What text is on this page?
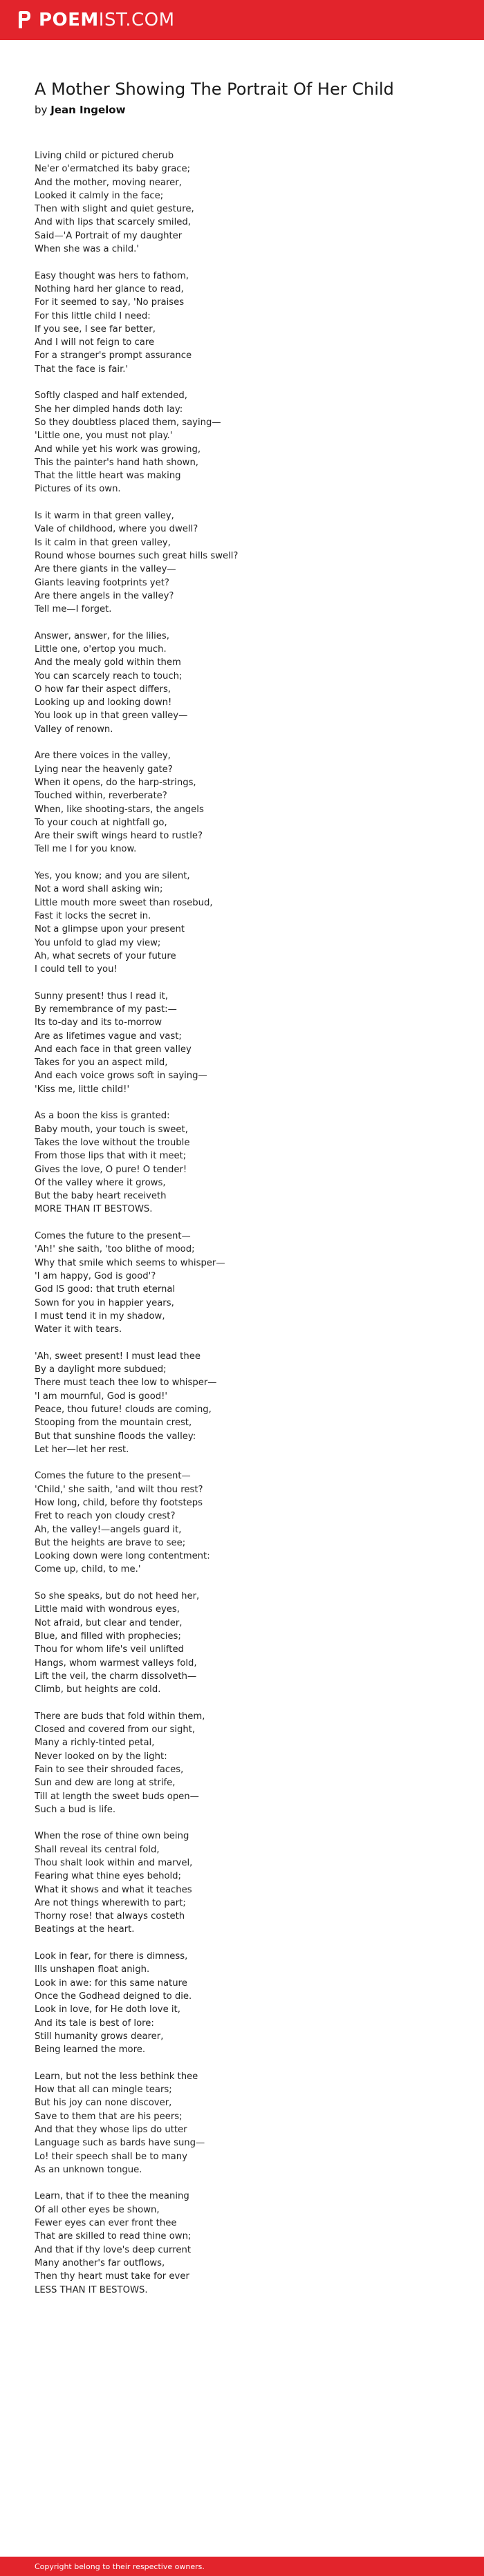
POEMIST.COM
A Mother Showing The Portrait Of Her Child
by Jean Ingelow
Living child or pictured cherub
Ne'er o'ermatched its baby grace;
And the mother, moving nearer,
Looked it calmly in the face;
Then with slight and quiet gesture,
And with lips that scarcely smiled,
Said—'A Portrait of my daughter
When she was a child.'
Easy thought was hers to fathom,
Nothing hard her glance to read,
For it seemed to say, 'No praises
For this little child I need:
If you see, I see far better,
And I will not feign to care
For a stranger's prompt assurance
That the face is fair.'
Softly clasped and half extended,
She her dimpled hands doth lay:
So they doubtless placed them, saying—
'Little one, you must not play.'
And while yet his work was growing,
This the painter's hand hath shown,
That the little heart was making
Pictures of its own.
Is it warm in that green valley,
Vale of childhood, where you dwell?
Is it calm in that green valley,
Round whose bournes such great hills swell?
Are there giants in the valley—
Giants leaving footprints yet?
Are there angels in the valley?
Tell me—I forget.
Answer, answer, for the lilies,
Little one, o'ertop you much.
And the mealy gold within them
You can scarcely reach to touch;
O how far their aspect differs,
Looking up and looking down!
You look up in that green valley—
Valley of renown.
Are there voices in the valley,
Lying near the heavenly gate?
When it opens, do the harp-strings,
Touched within, reverberate?
When, like shooting-stars, the angels
To your couch at nightfall go,
Are their swift wings heard to rustle?
Tell me I for you know.
Yes, you know; and you are silent,
Not a word shall asking win;
Little mouth more sweet than rosebud,
Fast it locks the secret in.
Not a glimpse upon your present
You unfold to glad my view;
Ah, what secrets of your future
I could tell to you!
Sunny present! thus I read it,
By remembrance of my past:—
Its to-day and its to-morrow
Are as lifetimes vague and vast;
And each face in that green valley
Takes for you an aspect mild,
And each voice grows soft in saying—
'Kiss me, little child!'
As a boon the kiss is granted:
Baby mouth, your touch is sweet,
Takes the love without the trouble
From those lips that with it meet;
Gives the love, O pure! O tender!
Of the valley where it grows,
But the baby heart receiveth
MORE THAN IT BESTOWS.
Comes the future to the present—
'Ah!' she saith, 'too blithe of mood;
Why that smile which seems to whisper—
'I am happy, God is good'?
God IS good: that truth eternal
Sown for you in happier years,
I must tend it in my shadow,
Water it with tears.
'Ah, sweet present! I must lead thee
By a daylight more subdued;
There must teach thee low to whisper—
'I am mournful, God is good!'
Peace, thou future! clouds are coming,
Stooping from the mountain crest,
But that sunshine floods the valley:
Let her—let her rest.
Comes the future to the present—
'Child,' she saith, 'and wilt thou rest?
How long, child, before thy footsteps
Fret to reach yon cloudy crest?
Ah, the valley!—angels guard it,
But the heights are brave to see;
Looking down were long contentment:
Come up, child, to me.'
So she speaks, but do not heed her,
Little maid with wondrous eyes,
Not afraid, but clear and tender,
Blue, and filled with prophecies;
Thou for whom life's veil unlifted
Hangs, whom warmest valleys fold,
Lift the veil, the charm dissolveth—
Climb, but heights are cold.
There are buds that fold within them,
Closed and covered from our sight,
Many a richly-tinted petal,
Never looked on by the light:
Fain to see their shrouded faces,
Sun and dew are long at strife,
Till at length the sweet buds open—
Such a bud is life.
When the rose of thine own being
Shall reveal its central fold,
Thou shalt look within and marvel,
Fearing what thine eyes behold;
What it shows and what it teaches
Are not things wherewith to part;
Thorny rose! that always costeth
Beatings at the heart.
Look in fear, for there is dimness,
Ills unshapen float anigh.
Look in awe: for this same nature
Once the Godhead deigned to die.
Look in love, for He doth love it,
And its tale is best of lore:
Still humanity grows dearer,
Being learned the more.
Learn, but not the less bethink thee
How that all can mingle tears;
But his joy can none discover,
Save to them that are his peers;
And that they whose lips do utter
Language such as bards have sung—
Lo! their speech shall be to many
As an unknown tongue.
Learn, that if to thee the meaning
Of all other eyes be shown,
Fewer eyes can ever front thee
That are skilled to read thine own;
And that if thy love's deep current
Many another's far outflows,
Then thy heart must take for ever
LESS THAN IT BESTOWS.
Copyright belong to their respective owners.
